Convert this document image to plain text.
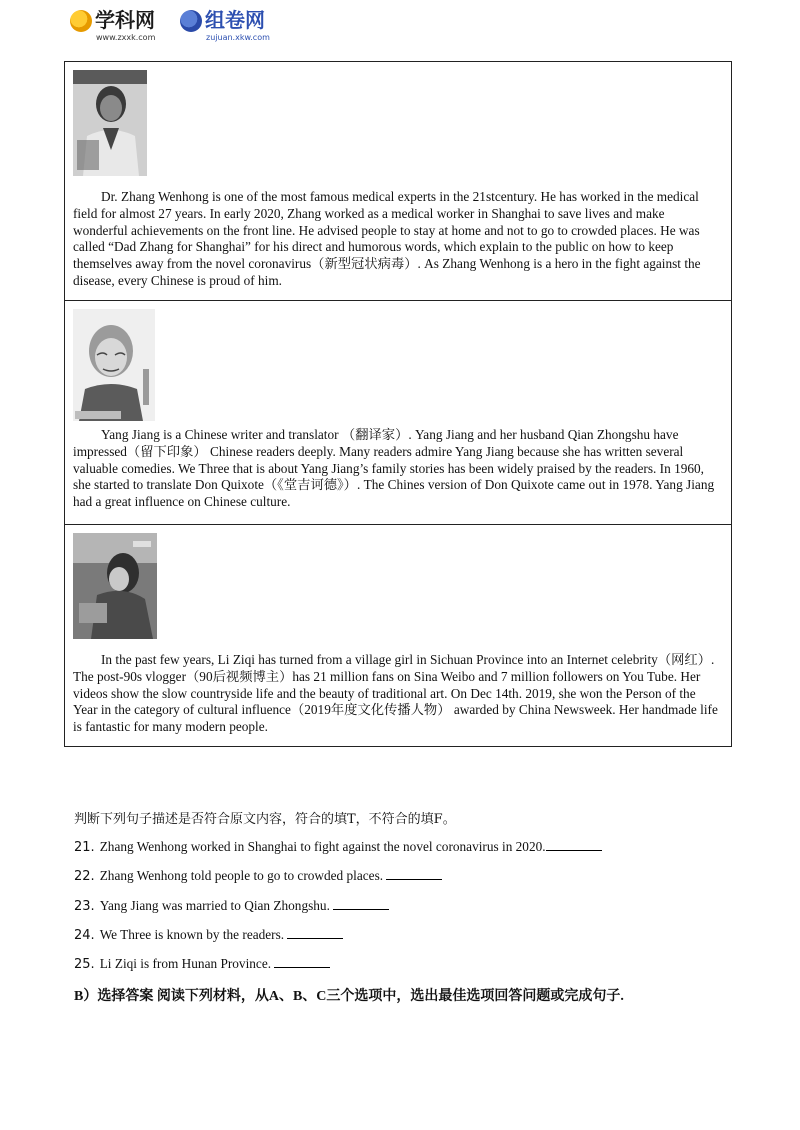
学科网
www.zxxk.com
组卷网
zujuan.xkw.com
Dr. Zhang Wenhong is one of the most famous medical experts in the 21stcentury. He has worked in the medical field for almost 27 years. In early 2020, Zhang worked as a medical worker in Shanghai to save lives and make wonderful achievements on the front line. He advised people to stay at home and not to go to crowded places. He was called “Dad Zhang for Shanghai” for his direct and humorous words, which explain to the public on how to keep themselves away from the novel coronavirus（新型冠状病毒）. As Zhang Wenhong is a hero in the fight against the disease, every Chinese is proud of him.
Yang Jiang is a Chinese writer and translator （翻译家）. Yang Jiang and her husband Qian Zhongshu have impressed（留下印象） Chinese readers deeply. Many readers admire Yang Jiang because she has written several valuable comedies. We Three that is about Yang Jiang’s family stories has been widely praised by the readers. In 1960, she started to translate Don Quixote（《堂吉诃德》）. The Chines version of Don Quixote came out in 1978. Yang Jiang had a great influence on Chinese culture.
In the past few years, Li Ziqi has turned from a village girl in Sichuan Province into an Internet celebrity（网红）. The post-90s vlogger（90后视频博主）has 21 million fans on Sina Weibo and 7 million followers on You Tube. Her videos show the slow countryside life and the beauty of traditional art. On Dec 14th. 2019, she won the Person of the Year in the category of cultural influence（2019年度文化传播人物） awarded by China Newsweek. Her handmade life is fantastic for many modern people.
判断下列句子描述是否符合原文内容，符合的填T，不符合的填F。
21. Zhang Wenhong worked in Shanghai to fight against the novel coronavirus in 2020.
22. Zhang Wenhong told people to go to crowded places.
23. Yang Jiang was married to Qian Zhongshu.
24. We Three is known by the readers.
25. Li Ziqi is from Hunan Province.
B）选择答案 阅读下列材料，从A、B、C三个选项中，选出最佳选项回答问题或完成句子.
